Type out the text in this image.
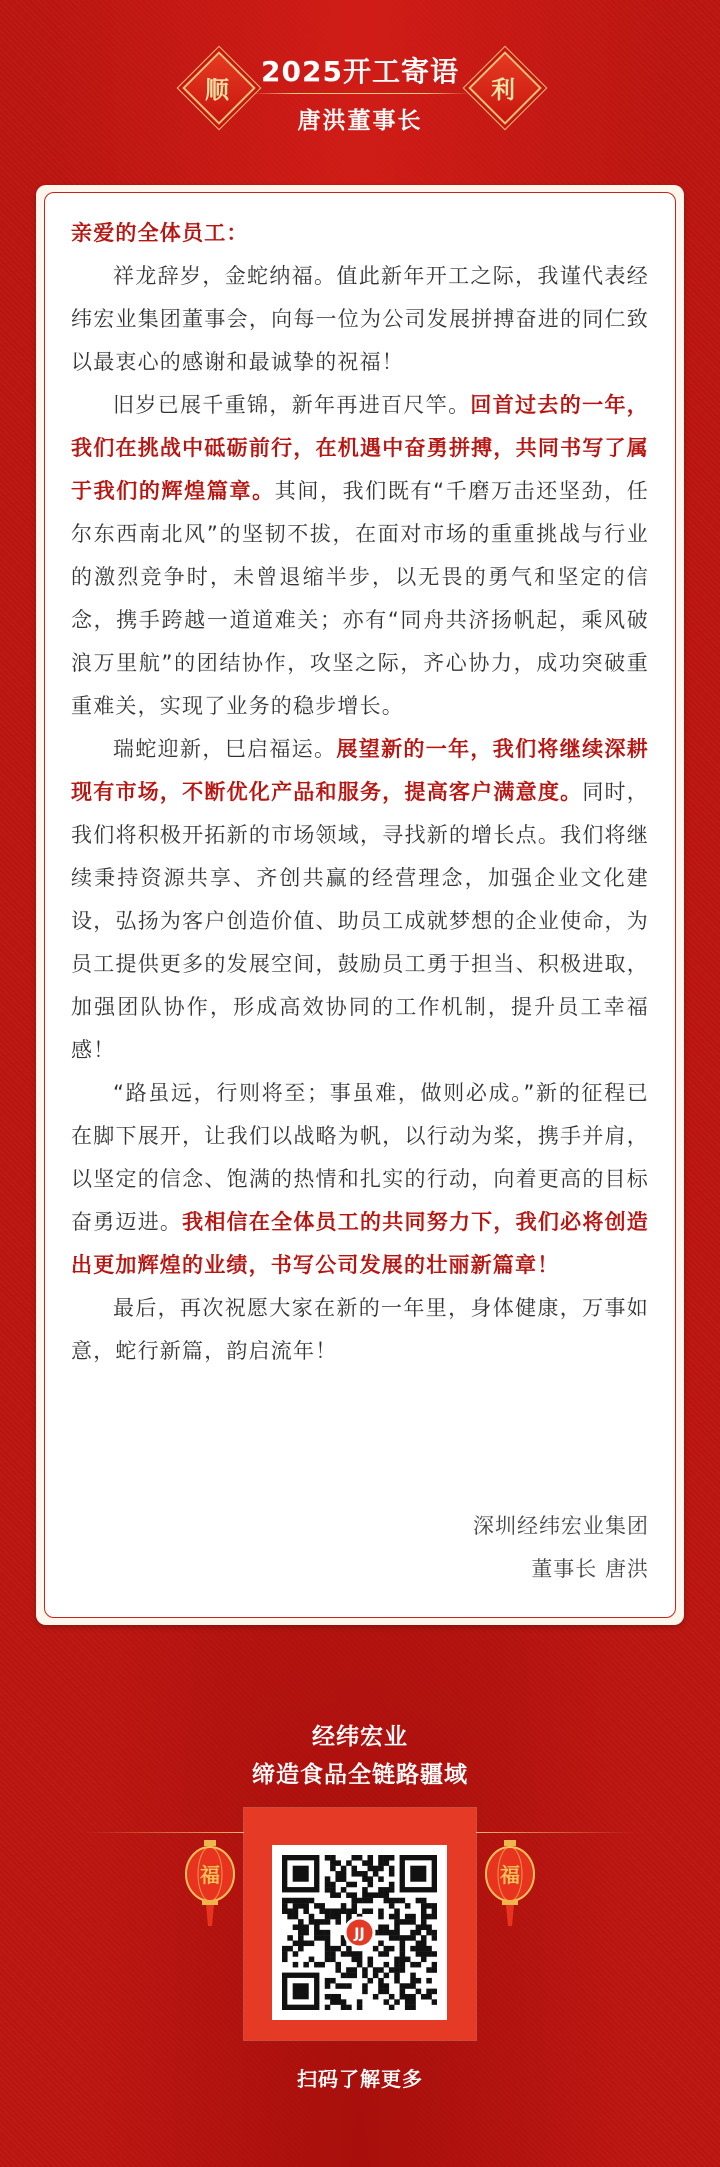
顺	利
2025开工寄语
唐洪董事长

亲爱的全体员工：

祥龙辞岁，金蛇纳福。值此新年开工之际，我谨代表经纬宏业集团董事会，向每一位为公司发展拼搏奋进的同仁致以最衷心的感谢和最诚挚的祝福！

旧岁已展千重锦，新年再进百尺竿。回首过去的一年，我们在挑战中砥砺前行，在机遇中奋勇拼搏，共同书写了属于我们的辉煌篇章。其间，我们既有“千磨万击还坚劲，任尔东西南北风”的坚韧不拔，在面对市场的重重挑战与行业的激烈竞争时，未曾退缩半步，以无畏的勇气和坚定的信念，携手跨越一道道难关；亦有“同舟共济扬帆起，乘风破浪万里航”的团结协作，攻坚之际，齐心协力，成功突破重重难关，实现了业务的稳步增长。

瑞蛇迎新，巳启福运。展望新的一年，我们将继续深耕现有市场，不断优化产品和服务，提高客户满意度。同时，我们将积极开拓新的市场领域，寻找新的增长点。我们将继续秉持资源共享、齐创共赢的经营理念，加强企业文化建设，弘扬为客户创造价值、助员工成就梦想的企业使命，为员工提供更多的发展空间，鼓励员工勇于担当、积极进取，加强团队协作，形成高效协同的工作机制，提升员工幸福感！

“路虽远，行则将至；事虽难，做则必成。”新的征程已在脚下展开，让我们以战略为帆，以行动为桨，携手并肩，以坚定的信念、饱满的热情和扎实的行动，向着更高的目标奋勇迈进。我相信在全体员工的共同努力下，我们必将创造出更加辉煌的业绩，书写公司发展的壮丽新篇章！

最后，再次祝愿大家在新的一年里，身体健康，万事如意，蛇行新篇，韵启流年！

深圳经纬宏业集团
董事长 唐洪
经纬宏业
缔造食品全链路疆域
福	福
JJ
扫码了解更多
